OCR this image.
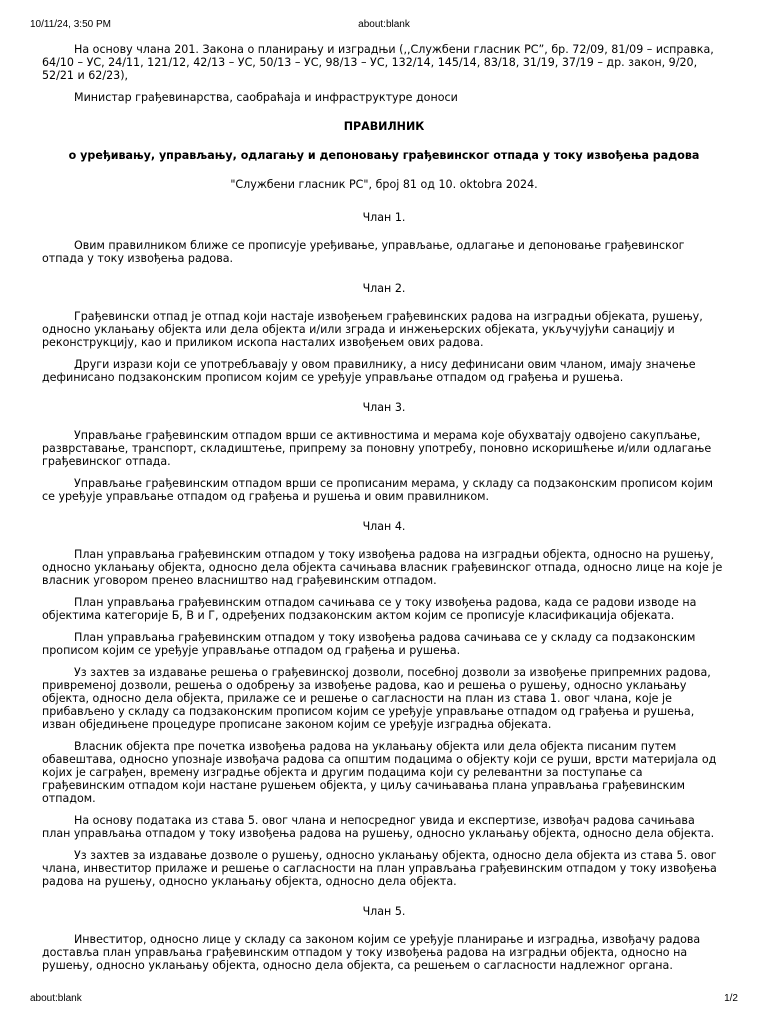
10/11/24, 3:50 PM	about:blank

На основу члана 201. Закона о планирању и изградњи (,,Службени гласник РС”, бр. 72/09, 81/09 – исправка, 64/10 – УС, 24/11, 121/12, 42/13 – УС, 50/13 – УС, 98/13 – УС, 132/14, 145/14, 83/18, 31/19, 37/19 – др. закон, 9/20, 52/21 и 62/23),

Министар грађевинарства, саобраћаја и инфраструктуре доноси

ПРАВИЛНИК

о уређивању, управљању, одлагању и депоновању грађевинског отпада у току извођења радова

"Службени гласник РС", број 81 од 10. oktobra 2024.

Члан 1.

Овим правилником ближе се прописује уређивање, управљање, одлагање и депоновање грађевинског отпада у току извођења радова.

Члан 2.

Грађевински отпад је отпад који настаје извођењем грађевинских радова на изградњи објеката, рушењу, односно уклањању објекта или дела објекта и/или зграда и инжењерских објеката, укључујући санацију и реконструкцију, као и приликом ископа насталих извођењем ових радова.

Други изрази који се употребљавају у овом правилнику, а нису дефинисани овим чланом, имају значење дефинисано подзаконским прописом којим се уређује управљање отпадом од грађења и рушења.

Члан 3.

Управљање грађевинским отпадом врши се активностима и мерама које обухватају одвојено сакупљање, разврставање, транспорт, складиштење, припрему за поновну употребу, поновно искоришћење и/или одлагање грађевинског отпада.

Управљање грађевинским отпадом врши се прописаним мерама, у складу са подзаконским прописом којим се уређује управљање отпадом од грађења и рушења и овим правилником.

Члан 4.

План управљања грађевинским отпадом у току извођења радова на изградњи објекта, односно на рушењу, односно уклањању објекта, односно дела објекта сачињава власник грађевинског отпада, односно лице на које је власник уговором пренео власништво над грађевинским отпадом.

План управљања грађевинским отпадом сачињава се у току извођења радова, када се радови изводе на објектима категорије Б, В и Г, одређених подзаконским актом којим се прописује класификација објеката.

План управљања грађевинским отпадом у току извођења радова сачињава се у складу са подзаконским прописом којим се уређује управљање отпадом од грађења и рушења.

Уз захтев за издавање решења о грађевинској дозволи, посебној дозволи за извођење припремних радова, привременој дозволи, решења о одобрењу за извођење радова, као и решења о рушењу, односно уклањању објекта, односно дела објекта, прилаже се и решење о сагласности на план из става 1. овог члана, које је прибављено у складу са подзаконским прописом којим се уређује управљање отпадом од грађења и рушења, изван обједињене процедуре прописане законом којим се уређује изградња објеката.

Власник објекта пре почетка извођења радова на уклањању објекта или дела објекта писаним путем обавештава, односно упознаје извођача радова са општим подацима о објекту који се руши, врсти материјала од којих је саграђен, времену изградње објекта и другим подацима који су релевантни за поступање са грађевинским отпадом који настане рушењем објекта, у циљу сачињавања плана управљања грађевинским отпадом.

На основу података из става 5. овог члана и непосредног увида и експертизе, извођач радова сачињава план управљања отпадом у току извођења радова на рушењу, односно уклањању објекта, односно дела објекта.

Уз захтев за издавање дозволе о рушењу, односно уклањању објекта, односно дела објекта из става 5. овог члана, инвеститор прилаже и решење о сагласности на план управљања грађевинским отпадом у току извођења радова на рушењу, односно уклањању објекта, односно дела објекта.

Члан 5.

Инвеститор, односно лице у складу са законом којим се уређује планирање и изградња, извођачу радова доставља план управљања грађевинским отпадом у току извођења радова на изградњи објекта, односно на рушењу, односно уклањању објекта, односно дела објекта, са решењем о сагласности надлежног органа.

about:blank	1/2
